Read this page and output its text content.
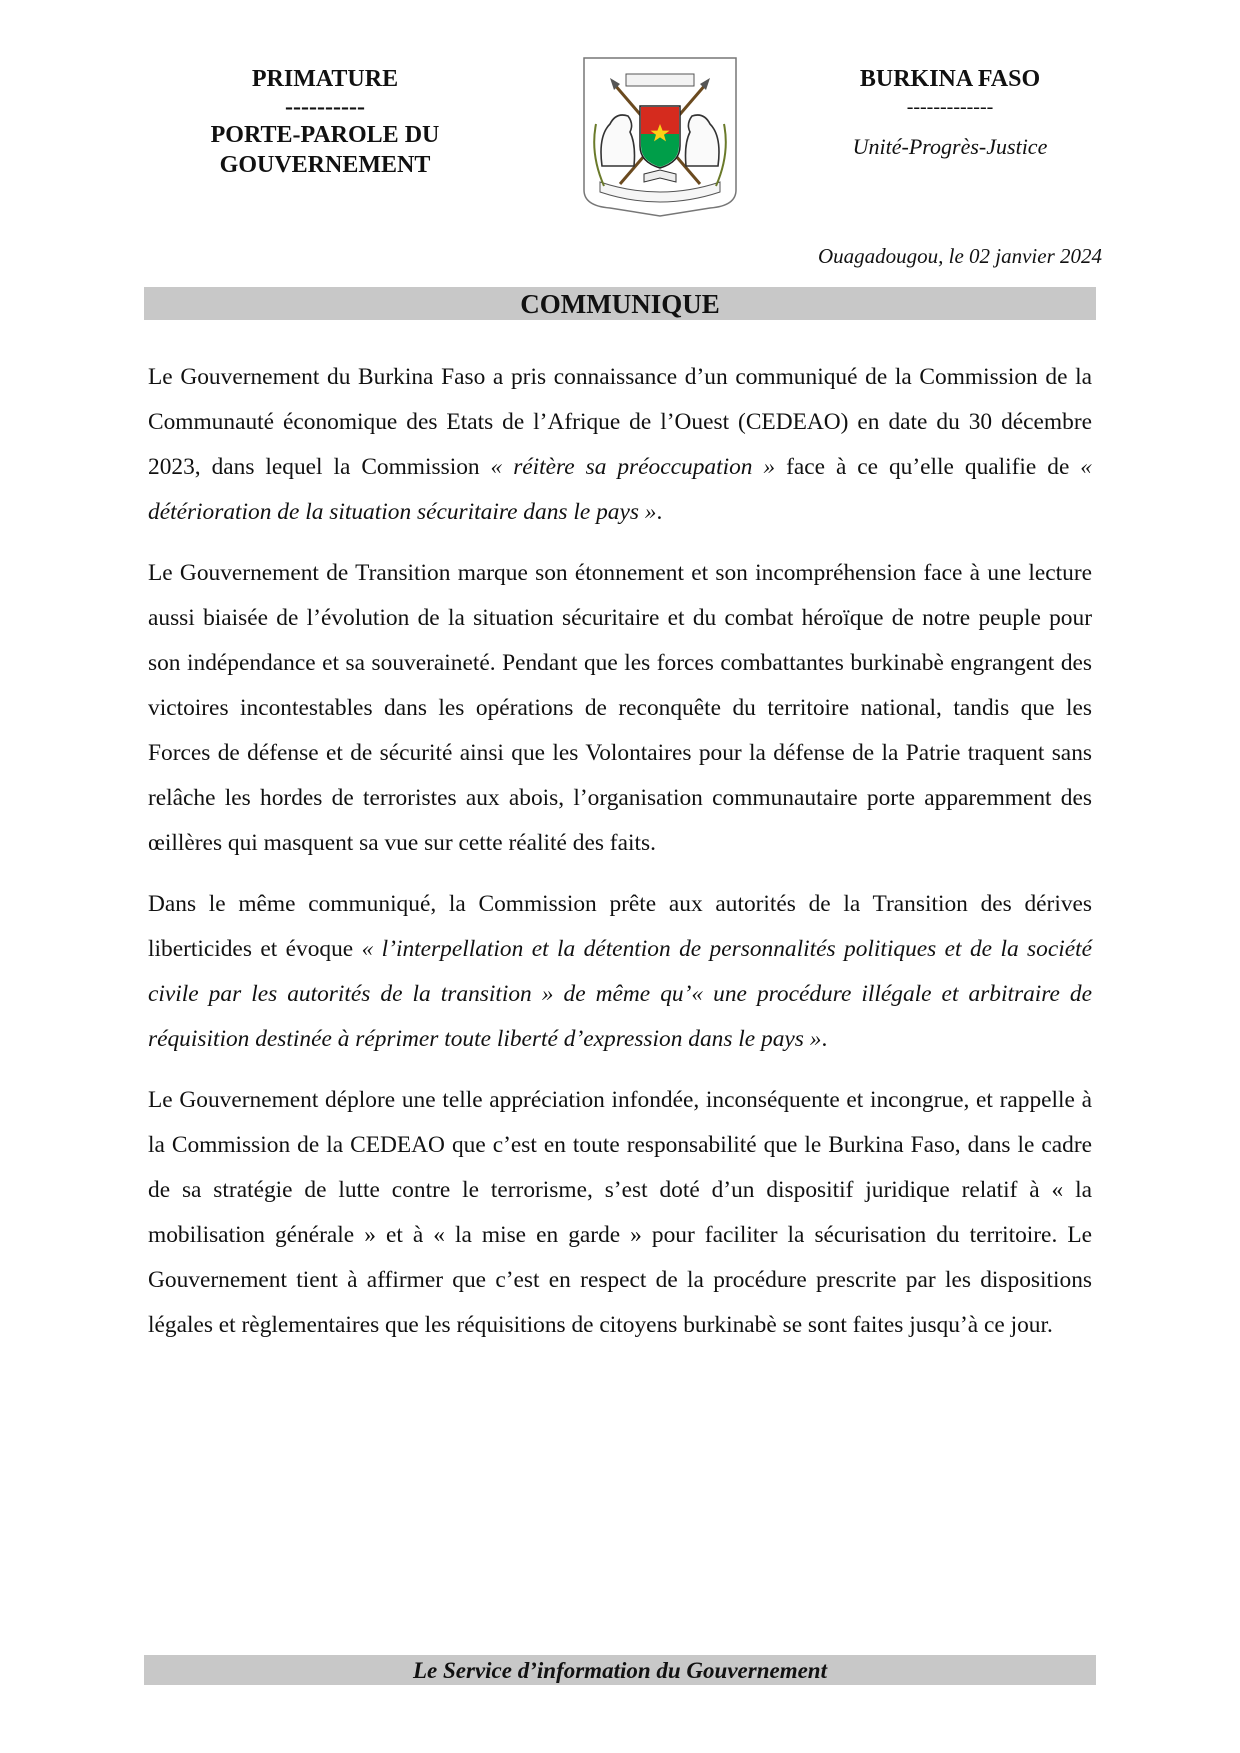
PRIMATURE
----------
PORTE-PAROLE DU
GOUVERNEMENT
BURKINA FASO
-------------
Unité-Progrès-Justice
Ouagadougou, le 02 janvier 2024
COMMUNIQUE

Le Gouvernement du Burkina Faso a pris connaissance d’un communiqué de la Commission de la Communauté économique des Etats de l’Afrique de l’Ouest (CEDEAO) en date du 30 décembre 2023, dans lequel la Commission « réitère sa préoccupation » face à ce qu’elle qualifie de « détérioration de la situation sécuritaire dans le pays ».

Le Gouvernement de Transition marque son étonnement et son incompréhension face à une lecture aussi biaisée de l’évolution de la situation sécuritaire et du combat héroïque de notre peuple pour son indépendance et sa souveraineté. Pendant que les forces combattantes burkinabè engrangent des victoires incontestables dans les opérations de reconquête du territoire national, tandis que les Forces de défense et de sécurité ainsi que les Volontaires pour la défense de la Patrie traquent sans relâche les hordes de terroristes aux abois, l’organisation communautaire porte apparemment des œillères qui masquent sa vue sur cette réalité des faits.

Dans le même communiqué, la Commission prête aux autorités de la Transition des dérives liberticides et évoque « l’interpellation et la détention de personnalités politiques et de la société civile par les autorités de la transition » de même qu’« une procédure illégale et arbitraire de réquisition destinée à réprimer toute liberté d’expression dans le pays ».

Le Gouvernement déplore une telle appréciation infondée, inconséquente et incongrue, et rappelle à la Commission de la CEDEAO que c’est en toute responsabilité que le Burkina Faso, dans le cadre de sa stratégie de lutte contre le terrorisme, s’est doté d’un dispositif juridique relatif à « la mobilisation générale » et à « la mise en garde » pour faciliter la sécurisation du territoire. Le Gouvernement tient à affirmer que c’est en respect de la procédure prescrite par les dispositions légales et règlementaires que les réquisitions de citoyens burkinabè se sont faites jusqu’à ce jour.

Le Service d’information du Gouvernement
